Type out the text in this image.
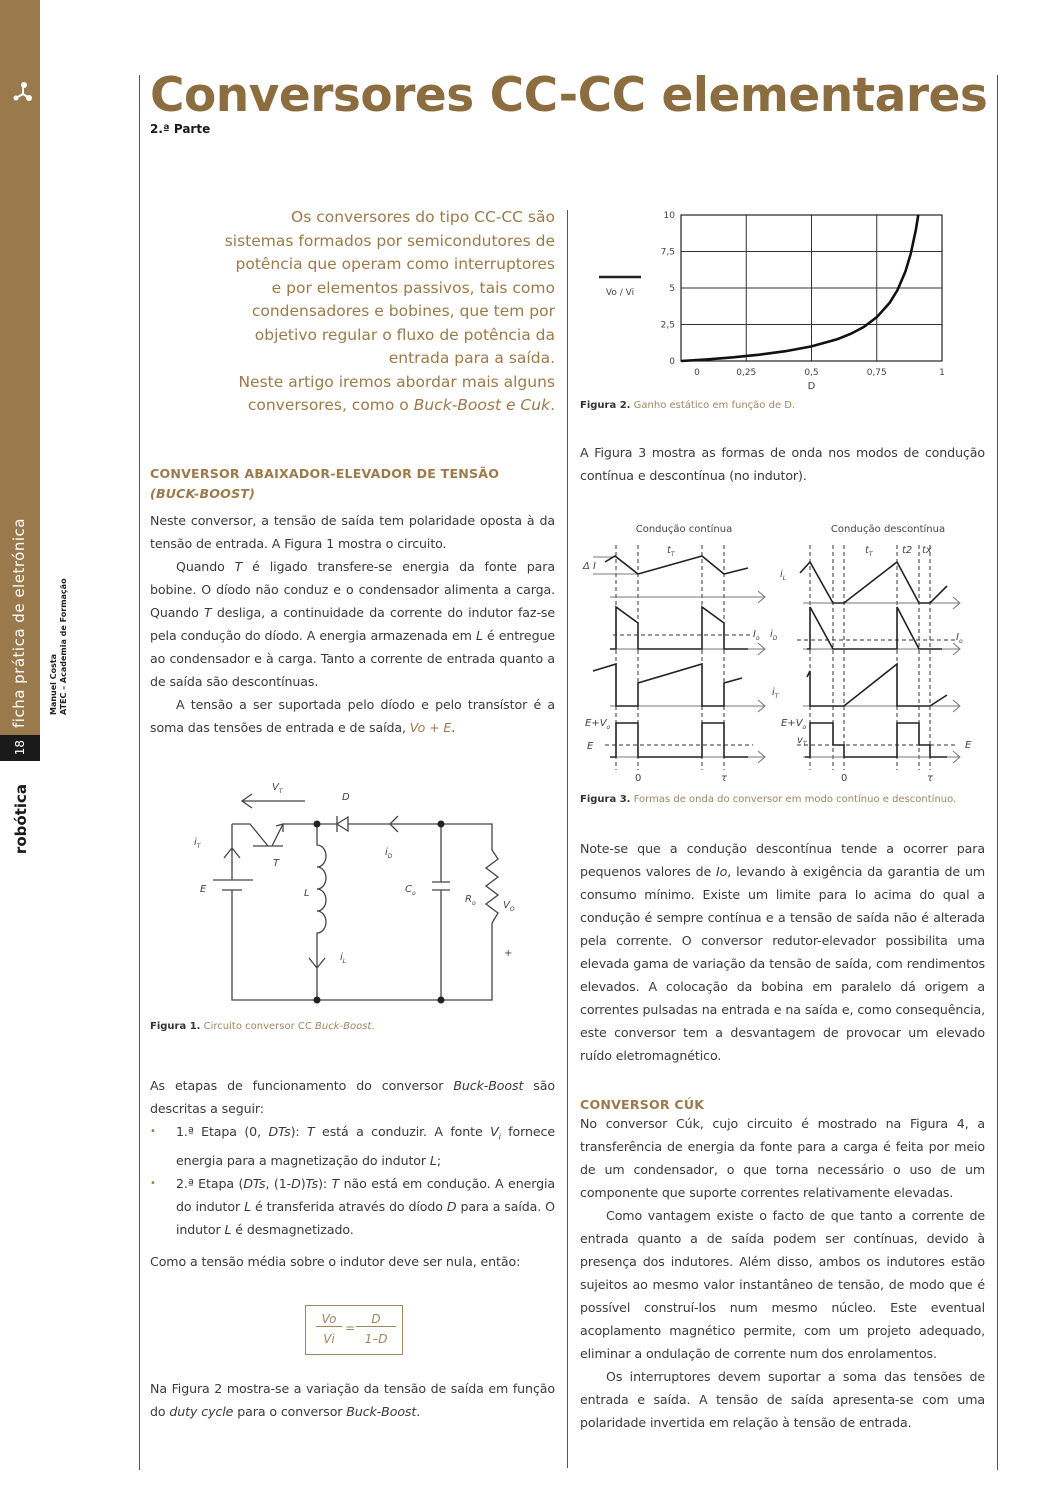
ficha prática de eletrónica
18
robótica
Manuel Costa ATEC – Academia de Formação
Conversores CC-CC elementares
2.ª Parte
Os conversores do tipo CC-CC são
sistemas formados por semicondutores de
potência que operam como interruptores
e por elementos passivos, tais como
condensadores e bobines, que tem por
objetivo regular o fluxo de potência da
entrada para a saída.
Neste artigo iremos abordar mais alguns
conversores, como o Buck-Boost e Cuk.
CONVERSOR ABAIXADOR-ELEVADOR DE TENSÃO
(BUCK-BOOST)

Neste conversor, a tensão de saída tem polaridade oposta à da tensão de entrada. A Figura 1 mostra o circuito.

Quando T é ligado transfere-se energia da fonte para bobine. O díodo não conduz e o condensador alimenta a carga. Quando T desliga, a continuidade da corrente do indutor faz-se pela condução do díodo. A energia armazenada em L é entregue ao condensador e à carga. Tanto a corrente de entrada quanto a de saída são descontínuas.

A tensão a ser suportada pelo díodo e pelo transístor é a soma das tensões de entrada e de saída, Vo + E.

$V_T$
D
$i_T$
T
E	L
$i_D$
$C_o$
$R_o$	$V_O$
$i_L$
+
Figura 1. Circuito conversor CC Buck-Boost.

As etapas de funcionamento do conversor Buck-Boost são descritas a seguir:

• 1.ª Etapa (0, DTs): T está a conduzir. A fonte $V_i$ fornece energia para a magnetização do indutor L;
• 2.ª Etapa (DTs, (1-D)Ts): T não está em condução. A energia do indutor L é transferida através do díodo D para a saída. O indutor L é desmagnetizado.
Como a tensão média sobre o indutor deve ser nula, então:
Vo
Vi
=
D
1–D
Na Figura 2 mostra-se a variação da tensão de saída em função do duty cycle para o conversor Buck-Boost.
0	0,25	0,5	0,75	1
0
2,5
5
7,5
10
D
Vo / Vi
Figura 2. Ganho estático em função de D.
A Figura 3 mostra as formas de onda nos modos de condução contínua e descontínua (no indutor).
Condução contínua	Condução descontínua
Δ I
$t_T$	$t_T$	t2 tx
$i_L$
$I_o$ $i_D$	$I_o$
$i_T$
$E+V_o$
E
$E+V_o$
$v_T$	E
0	τ	0	τ
Figura 3. Formas de onda do conversor em modo contínuo e descontínuo.
Note-se que a condução descontínua tende a ocorrer para pequenos valores de Io, levando à exigência da garantia de um consumo mínimo. Existe um limite para Io acima do qual a condução é sempre contínua e a tensão de saída não é alterada pela corrente. O conversor redutor-elevador possibilita uma elevada gama de variação da tensão de saída, com rendimentos elevados. A colocação da bobina em paralelo dá origem a correntes pulsadas na entrada e na saída e, como consequência, este conversor tem a desvantagem de provocar um elevado ruído eletromagnético.
CONVERSOR CÚK

No conversor Cúk, cujo circuito é mostrado na Figura 4, a transferência de energia da fonte para a carga é feita por meio de um condensador, o que torna necessário o uso de um componente que suporte correntes relativamente elevadas.

Como vantagem existe o facto de que tanto a corrente de entrada quanto a de saída podem ser contínuas, devido à presença dos indutores. Além disso, ambos os indutores estão sujeitos ao mesmo valor instantâneo de tensão, de modo que é possível construí-los num mesmo núcleo. Este eventual acoplamento magnético permite, com um projeto adequado, eliminar a ondulação de corrente num dos enrolamentos.

Os interruptores devem suportar a soma das tensões de entrada e saída. A tensão de saída apresenta-se com uma polaridade invertida em relação à tensão de entrada.
